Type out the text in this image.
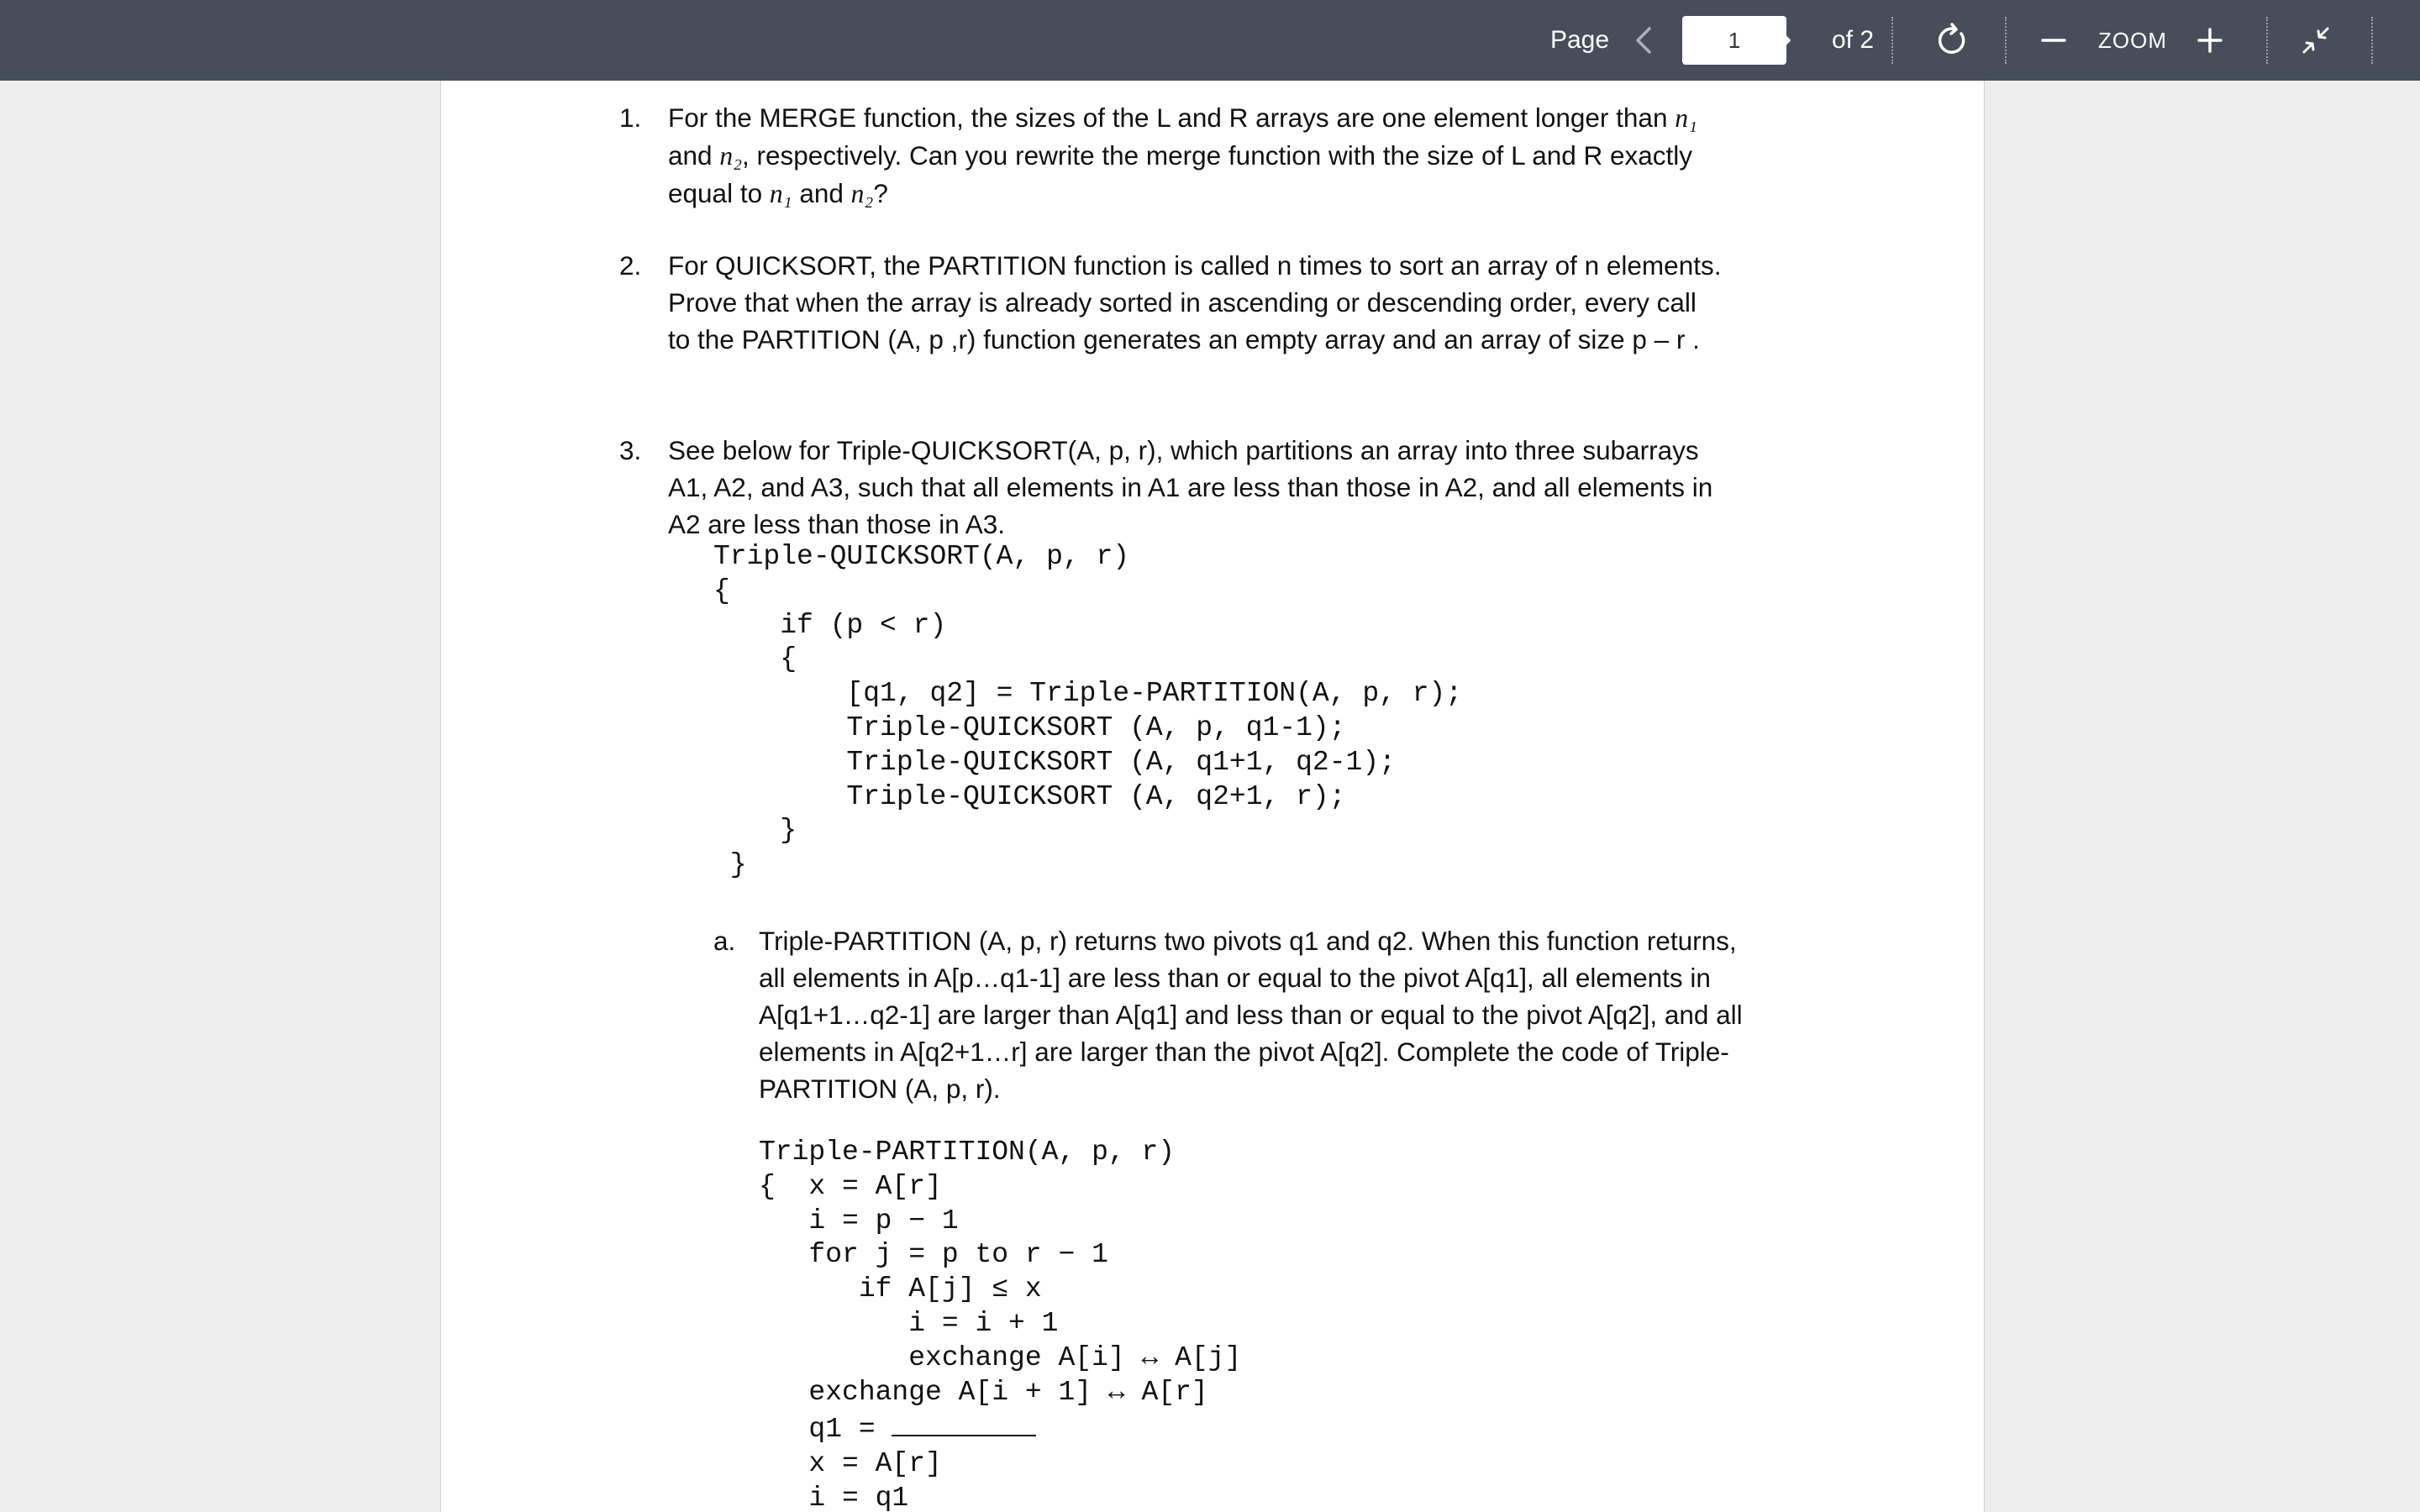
Page
1	of 2	ZOOM
1. For the MERGE function, the sizes of the L and R arrays are one element longer than n₁
and n₂, respectively. Can you rewrite the merge function with the size of L and R exactly
equal to n₁ and n₂?
2. For QUICKSORT, the PARTITION function is called n times to sort an array of n elements.
Prove that when the array is already sorted in ascending or descending order, every call
to the PARTITION (A, p ,r) function generates an empty array and an array of size p – r .
3. See below for Triple-QUICKSORT(A, p, r), which partitions an array into three subarrays
A1, A2, and A3, such that all elements in A1 are less than those in A2, and all elements in
A2 are less than those in A3.
Triple-QUICKSORT(A, p, r)
{
if (p < r)
{
[q1, q2] = Triple-PARTITION(A, p, r);
Triple-QUICKSORT (A, p, q1-1);
Triple-QUICKSORT (A, q1+1, q2-1);
Triple-QUICKSORT (A, q2+1, r);
}
}
a. Triple-PARTITION (A, p, r) returns two pivots q1 and q2. When this function returns,
all elements in A[p…q1-1] are less than or equal to the pivot A[q1], all elements in
A[q1+1…q2-1] are larger than A[q1] and less than or equal to the pivot A[q2], and all
elements in A[q2+1…r] are larger than the pivot A[q2]. Complete the code of Triple-
PARTITION (A, p, r).
Triple-PARTITION(A, p, r)
{  x = A[r]
i = p − 1
for j = p to r − 1
if A[j] ≤ x
i = i + 1
exchange A[i] ↔ A[j]
exchange A[i + 1] ↔ A[r]
q1 =
x = A[r]
i = q1
